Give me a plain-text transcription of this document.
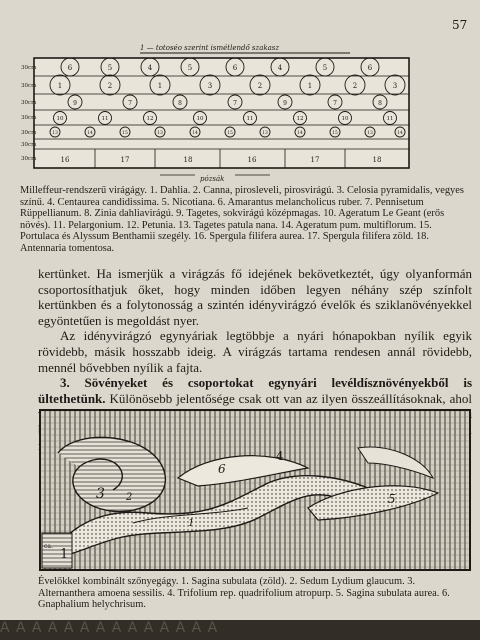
57
1 — totoséo szerint ismétlendő szakasz
30cm
30cm
30cm
30cm
30cm
30cm
30cm
6	5	4	5	6	4	5	6
1	2	1	3	2	1	2	3
9	7	8	7	9	7	8
10	11	12	10	11	12	10	11
13	14	15	13	14	15	13	14	15	13	14
16	17	18	16	17	18
pózsák

Milleffeur-rendszerű virágágy. 1. Dahlia. 2. Canna, pirosleveli, pirosvirágú. 3. Celosia pyramidalis, vegyes színű. 4. Centaurea candidissima. 5. Nicotiana. 6. Amarantus melancholicus ruber. 7. Pennisetum Rüppellianum. 8. Zinia dahliavirágú. 9. Tagetes, sokvirágú középmagas. 10. Ageratum Le Geant (erős növés). 11. Pelargonium. 12. Petunia. 13. Tagetes patula nana. 14. Ageratum pum. multiflorum. 15. Portulaca és Alyssum Benthamii szegély. 16. Spergula filifera aurea. 17. Spergula filifera zöld. 18. Antennaria tomentosa.

kertünket. Ha ismerjük a virágzás fő idejének bekövetkeztét, úgy olyanformán csoportosíthatjuk őket, hogy minden időben legyen néhány szép színfolt kertünkben és a folytonosság a szintén idényvirágzó évelők és sziklanövényekkel egyöntetűen is megoldást nyer.

Az idényvirágzó egynyáriak legtöbbje a nyári hónapokban nyílik egyik rövidebb, másik hosszabb ideig. A virágzás tartama rendesen annál rövidebb, mennél bővebben nyílik a fajta.

3. Sövényeket és csoportokat egynyári levéldísznövényekből is ültethetünk. Különösebb jelentősége csak ott van az ilyen összeállításoknak, ahol

3 2
6
4
5
1
1
ca.

Évelőkkel kombinált szőnyegágy. 1. Sagina subulata (zöld). 2. Sedum Lydium glaucum. 3. Alternanthera amoena sessilis. 4. Trifolium rep. quadrifolium atropurp. 5. Sagina subulata aurea. 6. Gnaphalium helychrisum.

AAAAAAAAAAAAAA
